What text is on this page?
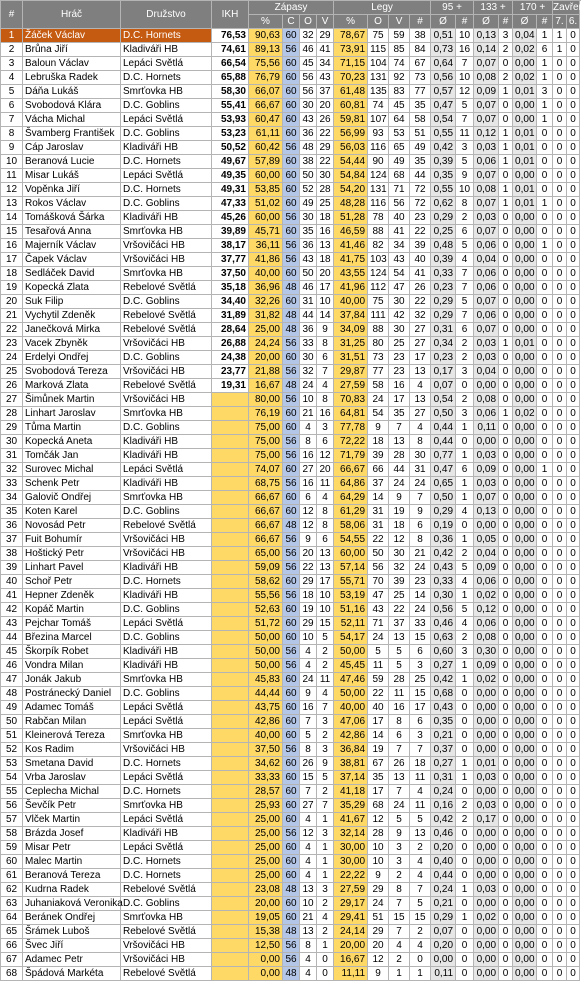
#	Hráč	Družstvo	IKH	Zápasy				Legy				95 +		133 +		170 +		Zavření		
				%	C	O	V	%	O	V	#	Ø	#	Ø	#	Ø	#	7.	6.	
1	Žáček Václav	D.C. Hornets	76,53	90,63	60	32	29	78,67	75	59	38	0,51	10	0,13	3	0,04	1	1	0	
2	Brůna Jiří	Kladiváři HB	74,61	89,13	56	46	41	73,91	115	85	84	0,73	16	0,14	2	0,02	6	1	0	
3	Baloun Václav	Lepáci Světlá	66,54	75,56	60	45	34	71,15	104	74	67	0,64	7	0,07	0	0,00	1	0	0	
4	Lebruška Radek	D.C. Hornets	65,88	76,79	60	56	43	70,23	131	92	73	0,56	10	0,08	2	0,02	1	0	0	
5	Dáňa Lukáš	Smrťovka HB	58,30	66,07	60	56	37	61,48	135	83	77	0,57	12	0,09	1	0,01	3	0	0	
6	Svobodová Klára	D.C. Goblins	55,41	66,67	60	30	20	60,81	74	45	35	0,47	5	0,07	0	0,00	1	0	0	
7	Vácha Michal	Lepáci Světlá	53,93	60,47	60	43	26	59,81	107	64	58	0,54	7	0,07	0	0,00	1	0	0	
8	Švamberg František	D.C. Goblins	53,23	61,11	60	36	22	56,99	93	53	51	0,55	11	0,12	1	0,01	0	0	0	
9	Cáp Jaroslav	Kladiváři HB	50,52	60,42	56	48	29	56,03	116	65	49	0,42	3	0,03	1	0,01	0	0	0	
10	Beranová Lucie	D.C. Hornets	49,67	57,89	60	38	22	54,44	90	49	35	0,39	5	0,06	1	0,01	0	0	0	
11	Misar Lukáš	Lepáci Světlá	49,35	60,00	60	50	30	54,84	124	68	44	0,35	9	0,07	0	0,00	0	0	0	
12	Vopěnka Jiří	D.C. Hornets	49,31	53,85	60	52	28	54,20	131	71	72	0,55	10	0,08	1	0,01	0	0	0	
13	Rokos Václav	D.C. Goblins	47,33	51,02	60	49	25	48,28	116	56	72	0,62	8	0,07	1	0,01	1	0	0	
14	Tomášková Šárka	Kladiváři HB	45,26	60,00	56	30	18	51,28	78	40	23	0,29	2	0,03	0	0,00	0	0	0	
15	Tesařová Anna	Smrťovka HB	39,89	45,71	60	35	16	46,59	88	41	22	0,25	6	0,07	0	0,00	0	0	0	
16	Majerník Václav	Vršovičáci HB	38,17	36,11	56	36	13	41,46	82	34	39	0,48	5	0,06	0	0,00	1	0	0	
17	Čapek Václav	Vršovičáci HB	37,77	41,86	56	43	18	41,75	103	43	40	0,39	4	0,04	0	0,00	0	0	0	
18	Sedláček David	Smrťovka HB	37,50	40,00	60	50	20	43,55	124	54	41	0,33	7	0,06	0	0,00	0	0	0	
19	Kopecká Zlata	Rebelové Světlá	35,18	36,96	48	46	17	41,96	112	47	26	0,23	7	0,06	0	0,00	0	0	0	
20	Suk Filip	D.C. Goblins	34,40	32,26	60	31	10	40,00	75	30	22	0,29	5	0,07	0	0,00	0	0	0	
21	Vychytil Zdeněk	Rebelové Světlá	31,89	31,82	48	44	14	37,84	111	42	32	0,29	7	0,06	0	0,00	0	0	0	
22	Janečková Mirka	Rebelové Světlá	28,64	25,00	48	36	9	34,09	88	30	27	0,31	6	0,07	0	0,00	0	0	0	
23	Vacek Zbyněk	Vršovičáci HB	26,88	24,24	56	33	8	31,25	80	25	27	0,34	2	0,03	1	0,01	0	0	0	
24	Erdelyi Ondřej	D.C. Goblins	24,38	20,00	60	30	6	31,51	73	23	17	0,23	2	0,03	0	0,00	0	0	0	
25	Svobodová Tereza	Vršovičáci HB	23,77	21,88	56	32	7	29,87	77	23	13	0,17	3	0,04	0	0,00	0	0	0	
26	Marková Zlata	Rebelové Světlá	19,31	16,67	48	24	4	27,59	58	16	4	0,07	0	0,00	0	0,00	0	0	0	
27	Šimůnek Martin	Vršovičáci HB		80,00	56	10	8	70,83	24	17	13	0,54	2	0,08	0	0,00	0	0	0	
28	Linhart Jaroslav	Smrťovka HB		76,19	60	21	16	64,81	54	35	27	0,50	3	0,06	1	0,02	0	0	0	
29	Tůma Martin	D.C. Goblins		75,00	60	4	3	77,78	9	7	4	0,44	1	0,11	0	0,00	0	0	0	
30	Kopecká Aneta	Kladiváři HB		75,00	56	8	6	72,22	18	13	8	0,44	0	0,00	0	0,00	0	0	0	
31	Tomčák Jan	Kladiváři HB		75,00	56	16	12	71,79	39	28	30	0,77	1	0,03	0	0,00	0	0	0	
32	Surovec Michal	Lepáci Světlá		74,07	60	27	20	66,67	66	44	31	0,47	6	0,09	0	0,00	1	0	0	
33	Schenk Petr	Kladiváři HB		68,75	56	16	11	64,86	37	24	24	0,65	1	0,03	0	0,00	0	0	0	
34	Galovič Ondřej	Smrťovka HB		66,67	60	6	4	64,29	14	9	7	0,50	1	0,07	0	0,00	0	0	0	
35	Koten Karel	D.C. Goblins		66,67	60	12	8	61,29	31	19	9	0,29	4	0,13	0	0,00	0	0	0	
36	Novosád Petr	Rebelové Světlá		66,67	48	12	8	58,06	31	18	6	0,19	0	0,00	0	0,00	0	0	0	
37	Fuit Bohumír	Vršovičáci HB		66,67	56	9	6	54,55	22	12	8	0,36	1	0,05	0	0,00	0	0	0	
38	Hoštický Petr	Vršovičáci HB		65,00	56	20	13	60,00	50	30	21	0,42	2	0,04	0	0,00	0	0	0	
39	Linhart Pavel	Kladiváři HB		59,09	56	22	13	57,14	56	32	24	0,43	5	0,09	0	0,00	0	0	0	
40	Schoř Petr	D.C. Hornets		58,62	60	29	17	55,71	70	39	23	0,33	4	0,06	0	0,00	0	0	0	
41	Hepner Zdeněk	Kladiváři HB		55,56	56	18	10	53,19	47	25	14	0,30	1	0,02	0	0,00	0	0	0	
42	Kopáč Martin	D.C. Goblins		52,63	60	19	10	51,16	43	22	24	0,56	5	0,12	0	0,00	0	0	0	
43	Pejchar Tomáš	Lepáci Světlá		51,72	60	29	15	52,11	71	37	33	0,46	4	0,06	0	0,00	0	0	0	
44	Březina Marcel	D.C. Goblins		50,00	60	10	5	54,17	24	13	15	0,63	2	0,08	0	0,00	0	0	0	
45	Škorpík Robet	Kladiváři HB		50,00	56	4	2	50,00	5	5	6	0,60	3	0,30	0	0,00	0	0	0	
46	Vondra Milan	Kladiváři HB		50,00	56	4	2	45,45	11	5	3	0,27	1	0,09	0	0,00	0	0	0	
47	Jonák Jakub	Smrťovka HB		45,83	60	24	11	47,46	59	28	25	0,42	1	0,02	0	0,00	0	0	0	
48	Postránecký Daniel	D.C. Goblins		44,44	60	9	4	50,00	22	11	15	0,68	0	0,00	0	0,00	0	0	0	
49	Adamec Tomáš	Lepáci Světlá		43,75	60	16	7	40,00	40	16	17	0,43	0	0,00	0	0,00	0	0	0	
50	Rabčan Milan	Lepáci Světlá		42,86	60	7	3	47,06	17	8	6	0,35	0	0,00	0	0,00	0	0	0	
51	Kleinerová Tereza	Smrťovka HB		40,00	60	5	2	42,86	14	6	3	0,21	0	0,00	0	0,00	0	0	0	
52	Kos Radim	Vršovičáci HB		37,50	56	8	3	36,84	19	7	7	0,37	0	0,00	0	0,00	0	0	0	
53	Smetana David	D.C. Hornets		34,62	60	26	9	38,81	67	26	18	0,27	1	0,01	0	0,00	0	0	0	
54	Vrba Jaroslav	Lepáci Světlá		33,33	60	15	5	37,14	35	13	11	0,31	1	0,03	0	0,00	0	0	0	
55	Ceplecha Michal	D.C. Hornets		28,57	60	7	2	41,18	17	7	4	0,24	0	0,00	0	0,00	0	0	0	
56	Ševčík Petr	Smrťovka HB		25,93	60	27	7	35,29	68	24	11	0,16	2	0,03	0	0,00	0	0	0	
57	Vlček Martin	Lepáci Světlá		25,00	60	4	1	41,67	12	5	5	0,42	2	0,17	0	0,00	0	0	0	
58	Brázda Josef	Kladiváři HB		25,00	56	12	3	32,14	28	9	13	0,46	0	0,00	0	0,00	0	0	0	
59	Misar Petr	Lepáci Světlá		25,00	60	4	1	30,00	10	3	2	0,20	0	0,00	0	0,00	0	0	0	
60	Malec Martin	D.C. Hornets		25,00	60	4	1	30,00	10	3	4	0,40	0	0,00	0	0,00	0	0	0	
61	Beranová Tereza	D.C. Hornets		25,00	60	4	1	22,22	9	2	4	0,44	0	0,00	0	0,00	0	0	0	
62	Kudrna Radek	Rebelové Světlá		23,08	48	13	3	27,59	29	8	7	0,24	1	0,03	0	0,00	0	0	0	
63	Juhaniaková Veronika	D.C. Goblins		20,00	60	10	2	29,17	24	7	5	0,21	0	0,00	0	0,00	0	0	0	
64	Beránek Ondřej	Smrťovka HB		19,05	60	21	4	29,41	51	15	15	0,29	1	0,02	0	0,00	0	0	0	
65	Šrámek Luboš	Rebelové Světlá		15,38	48	13	2	24,14	29	7	2	0,07	0	0,00	0	0,00	0	0	0	
66	Švec Jiří	Vršovičáci HB		12,50	56	8	1	20,00	20	4	4	0,20	0	0,00	0	0,00	0	0	0	
67	Adamec Petr	Vršovičáci HB		0,00	56	4	0	16,67	12	2	0	0,00	0	0,00	0	0,00	0	0	0	
68	Špádová Markéta	Rebelové Světlá		0,00	48	4	0	11,11	9	1	1	0,11	0	0,00	0	0,00	0	0	0	
